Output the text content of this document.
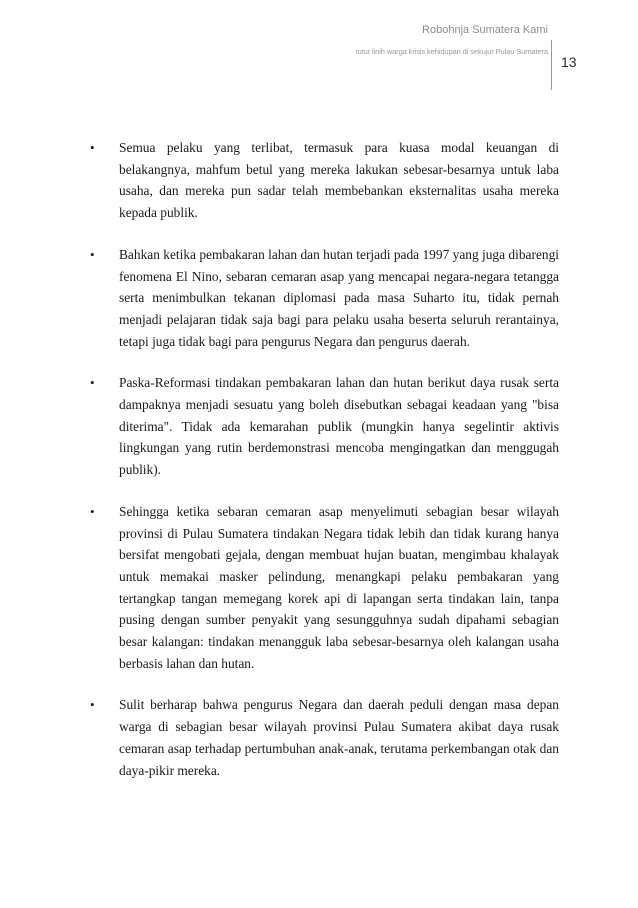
Robohnja Sumatera Kami
tutur linih warga krisis kehidupan di sekujur Pulau Sumatera
13
• Semua pelaku yang terlibat, termasuk para kuasa modal keuangan di belakangnya, mahfum betul yang mereka lakukan sebesar-besarnya untuk laba usaha, dan mereka pun sadar telah membebankan eksternalitas usaha mereka kepada publik.
• Bahkan ketika pembakaran lahan dan hutan terjadi pada 1997 yang juga dibarengi fenomena El Nino, sebaran cemaran asap yang mencapai negara-negara tetangga serta menimbulkan tekanan diplomasi pada masa Suharto itu, tidak pernah menjadi pelajaran tidak saja bagi para pelaku usaha beserta seluruh rerantainya, tetapi juga tidak bagi para pengurus Negara dan pengurus daerah.
• Paska-Reformasi tindakan pembakaran lahan dan hutan berikut daya rusak serta dampaknya menjadi sesuatu yang boleh disebutkan sebagai keadaan yang "bisa diterima". Tidak ada kemarahan publik (mungkin hanya segelintir aktivis lingkungan yang rutin berdemonstrasi mencoba mengingatkan dan menggugah publik).
• Sehingga ketika sebaran cemaran asap menyelimuti sebagian besar wilayah provinsi di Pulau Sumatera tindakan Negara tidak lebih dan tidak kurang hanya bersifat mengobati gejala, dengan membuat hujan buatan, mengimbau khalayak untuk memakai masker pelindung, menangkapi pelaku pembakaran yang tertangkap tangan memegang korek api di lapangan serta tindakan lain, tanpa pusing dengan sumber penyakit yang sesungguhnya sudah dipahami sebagian besar kalangan: tindakan menangguk laba sebesar-besarnya oleh kalangan usaha berbasis lahan dan hutan.
• Sulit berharap bahwa pengurus Negara dan daerah peduli dengan masa depan warga di sebagian besar wilayah provinsi Pulau Sumatera akibat daya rusak cemaran asap terhadap pertumbuhan anak-anak, terutama perkembangan otak dan daya-pikir mereka.
